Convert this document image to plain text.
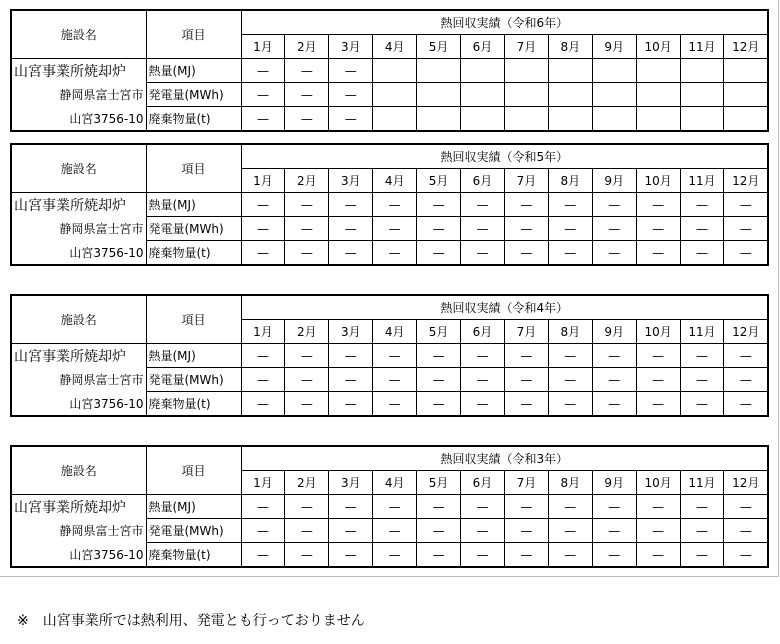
施設名	項目	熱回収実績（令和6年）											
		1月	2月	3月	4月	5月	6月	7月	8月	9月	10月	11月	12月
山宮事業所焼却炉	熱量(MJ)	—	—	—									
静岡県富士宮市	発電量(MWh)	—	—	—									
山宮3756-10	廃棄物量(t)	—	—	—									
施設名	項目	熱回収実績（令和5年）											
		1月	2月	3月	4月	5月	6月	7月	8月	9月	10月	11月	12月
山宮事業所焼却炉	熱量(MJ)	—	—	—	—	—	—	—	—	—	—	—	—
静岡県富士宮市	発電量(MWh)	—	—	—	—	—	—	—	—	—	—	—	—
山宮3756-10	廃棄物量(t)	—	—	—	—	—	—	—	—	—	—	—	—
施設名	項目	熱回収実績（令和4年）											
		1月	2月	3月	4月	5月	6月	7月	8月	9月	10月	11月	12月
山宮事業所焼却炉	熱量(MJ)	—	—	—	—	—	—	—	—	—	—	—	—
静岡県富士宮市	発電量(MWh)	—	—	—	—	—	—	—	—	—	—	—	—
山宮3756-10	廃棄物量(t)	—	—	—	—	—	—	—	—	—	—	—	—
施設名	項目	熱回収実績（令和3年）											
		1月	2月	3月	4月	5月	6月	7月	8月	9月	10月	11月	12月
山宮事業所焼却炉	熱量(MJ)	—	—	—	—	—	—	—	—	—	—	—	—
静岡県富士宮市	発電量(MWh)	—	—	—	—	—	—	—	—	—	—	—	—
山宮3756-10	廃棄物量(t)	—	—	—	—	—	—	—	—	—	—	—	—
※　山宮事業所では熱利用、発電とも行っておりません
